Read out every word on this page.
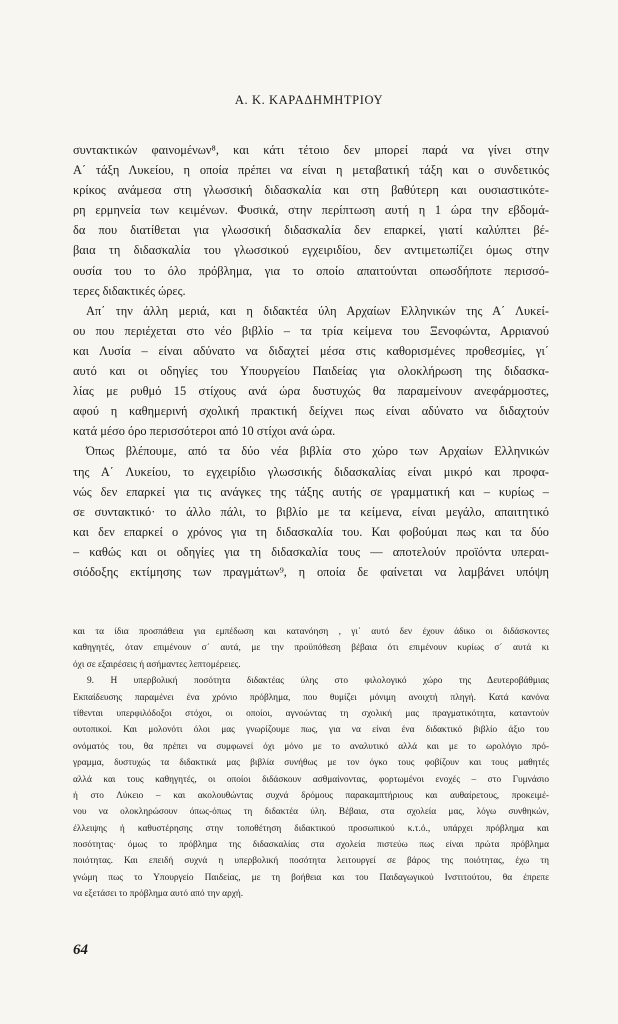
Α. Κ. ΚΑΡΑΔΗΜΗΤΡΙΟΥ
συντακτικών φαινομένων⁸, και κάτι τέτοιο δεν μπορεί παρά να γίνει στην
Α΄ τάξη Λυκείου, η οποία πρέπει να είναι η μεταβατική τάξη και ο συνδετικός
κρίκος ανάμεσα στη γλωσσική διδασκαλία και στη βαθύτερη και ουσιαστικότε-
ρη ερμηνεία των κειμένων. Φυσικά, στην περίπτωση αυτή η 1 ώρα την εβδομά-
δα που διατίθεται για γλωσσική διδασκαλία δεν επαρκεί, γιατί καλύπτει βέ-
βαια τη διδασκαλία του γλωσσικού εγχειριδίου, δεν αντιμετωπίζει όμως στην
ουσία του το όλο πρόβλημα, για το οποίο απαιτούνται οπωσδήποτε περισσό-
τερες διδακτικές ώρες.
Απ΄ την άλλη μεριά, και η διδακτέα ύλη Αρχαίων Ελληνικών της Α΄ Λυκεί-
ου που περιέχεται στο νέο βιβλίο – τα τρία κείμενα του Ξενοφώντα, Αρριανού
και Λυσία – είναι αδύνατο να διδαχτεί μέσα στις καθορισμένες προθεσμίες, γι΄
αυτό και οι οδηγίες του Υπουργείου Παιδείας για ολοκλήρωση της διδασκα-
λίας με ρυθμό 15 στίχους ανά ώρα δυστυχώς θα παραμείνουν ανεφάρμοστες,
αφού η καθημερινή σχολική πρακτική δείχνει πως είναι αδύνατο να διδαχτούν
κατά μέσο όρο περισσότεροι από 10 στίχοι ανά ώρα.
Όπως βλέπουμε, από τα δύο νέα βιβλία στο χώρο των Αρχαίων Ελληνικών
της Α΄ Λυκείου, το εγχειρίδιο γλωσσικής διδασκαλίας είναι μικρό και προφα-
νώς δεν επαρκεί για τις ανάγκες της τάξης αυτής σε γραμματική και – κυρίως –
σε συντακτικό· το άλλο πάλι, το βιβλίο με τα κείμενα, είναι μεγάλο, απαιτητικό
και δεν επαρκεί ο χρόνος για τη διδασκαλία του. Και φοβούμαι πως και τα δύο
– καθώς και οι οδηγίες για τη διδασκαλία τους — αποτελούν προϊόντα υπεραι-
σιόδοξης εκτίμησης των πραγμάτων⁹, η οποία δε φαίνεται να λαμβάνει υπόψη
και τα ίδια προσπάθεια για εμπέδωση και κατανόηση , γι΄ αυτό δεν έχουν άδικο οι διδάσκοντες
καθηγητές, όταν επιμένουν σ΄ αυτά, με την προϋπόθεση βέβαια ότι επιμένουν κυρίως σ΄ αυτά κι
όχι σε εξαιρέσεις ή ασήμαντες λεπτομέρειες.
9. Η υπερβολική ποσότητα διδακτέας ύλης στο φιλολογικό χώρο της Δευτεροβάθμιας
Εκπαίδευσης παραμένει ένα χρόνιο πρόβλημα, που θυμίζει μόνιμη ανοιχτή πληγή. Κατά κανόνα
τίθενται υπερφιλόδοξοι στόχοι, οι οποίοι, αγνοώντας τη σχολική μας πραγματικότητα, καταντούν
ουτοπικοί. Και μολονότι όλοι μας γνωρίζουμε πως, για να είναι ένα διδακτικό βιβλίο άξιο του
ονόματός του, θα πρέπει να συμφωνεί όχι μόνο με το αναλυτικό αλλά και με το ωρολόγιο πρό-
γραμμα, δυστυχώς τα διδακτικά μας βιβλία συνήθως με τον όγκο τους φοβίζουν και τους μαθητές
αλλά και τους καθηγητές, οι οποίοι διδάσκουν ασθμαίνοντας, φορτωμένοι ενοχές – στο Γυμνάσιο
ή στο Λύκειο – και ακολουθώντας συχνά δρόμους παρακαμπτήριους και αυθαίρετους, προκειμέ-
νου να ολοκληρώσουν όπως-όπως τη διδακτέα ύλη. Βέβαια, στα σχολεία μας, λόγω συνθηκών,
έλλειψης ή καθυστέρησης στην τοποθέτηση διδακτικού προσωπικού κ.τ.ό., υπάρχει πρόβλημα και
ποσότητας· όμως το πρόβλημα της διδασκαλίας στα σχολεία πιστεύω πως είναι πρώτα πρόβλημα
ποιότητας. Και επειδή συχνά η υπερβολική ποσότητα λειτουργεί σε βάρος της ποιότητας, έχω τη
γνώμη πως το Υπουργείο Παιδείας, με τη βοήθεια και του Παιδαγωγικού Ινστιτούτου, θα έπρεπε
να εξετάσει το πρόβλημα αυτό από την αρχή.
64
